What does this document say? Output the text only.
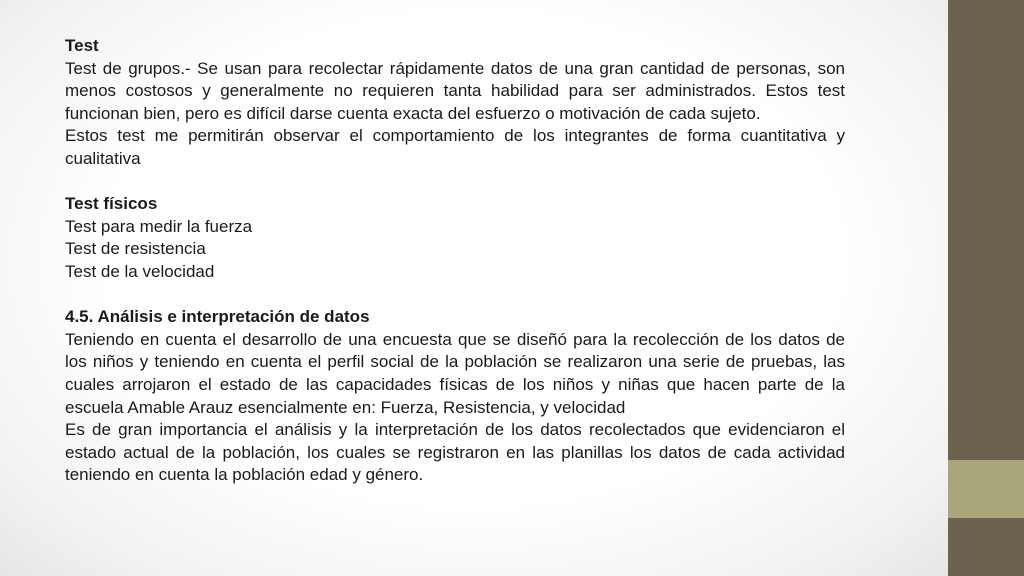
Test

Test de grupos.- Se usan para recolectar rápidamente datos de una gran cantidad de personas, son menos costosos y generalmente no requieren tanta habilidad para ser administrados. Estos test funcionan bien, pero es difícil darse cuenta exacta del esfuerzo o motivación de cada sujeto.

Estos test me permitirán observar el comportamiento de los integrantes de forma cuantitativa y cualitativa

Test físicos

Test para medir la fuerza

Test de resistencia

Test de la velocidad

4.5. Análisis e interpretación de datos

Teniendo en cuenta el desarrollo de una encuesta que se diseñó para la recolección de los datos de los niños y teniendo en cuenta el perfil social de la población se realizaron una serie de pruebas, las cuales arrojaron el estado de las capacidades físicas de los niños y niñas que hacen parte de la escuela Amable Arauz esencialmente en: Fuerza, Resistencia, y velocidad

Es de gran importancia el análisis y la interpretación de los datos recolectados que evidenciaron el estado actual de la población, los cuales se registraron en las planillas los datos de cada actividad teniendo en cuenta la población edad y género.
